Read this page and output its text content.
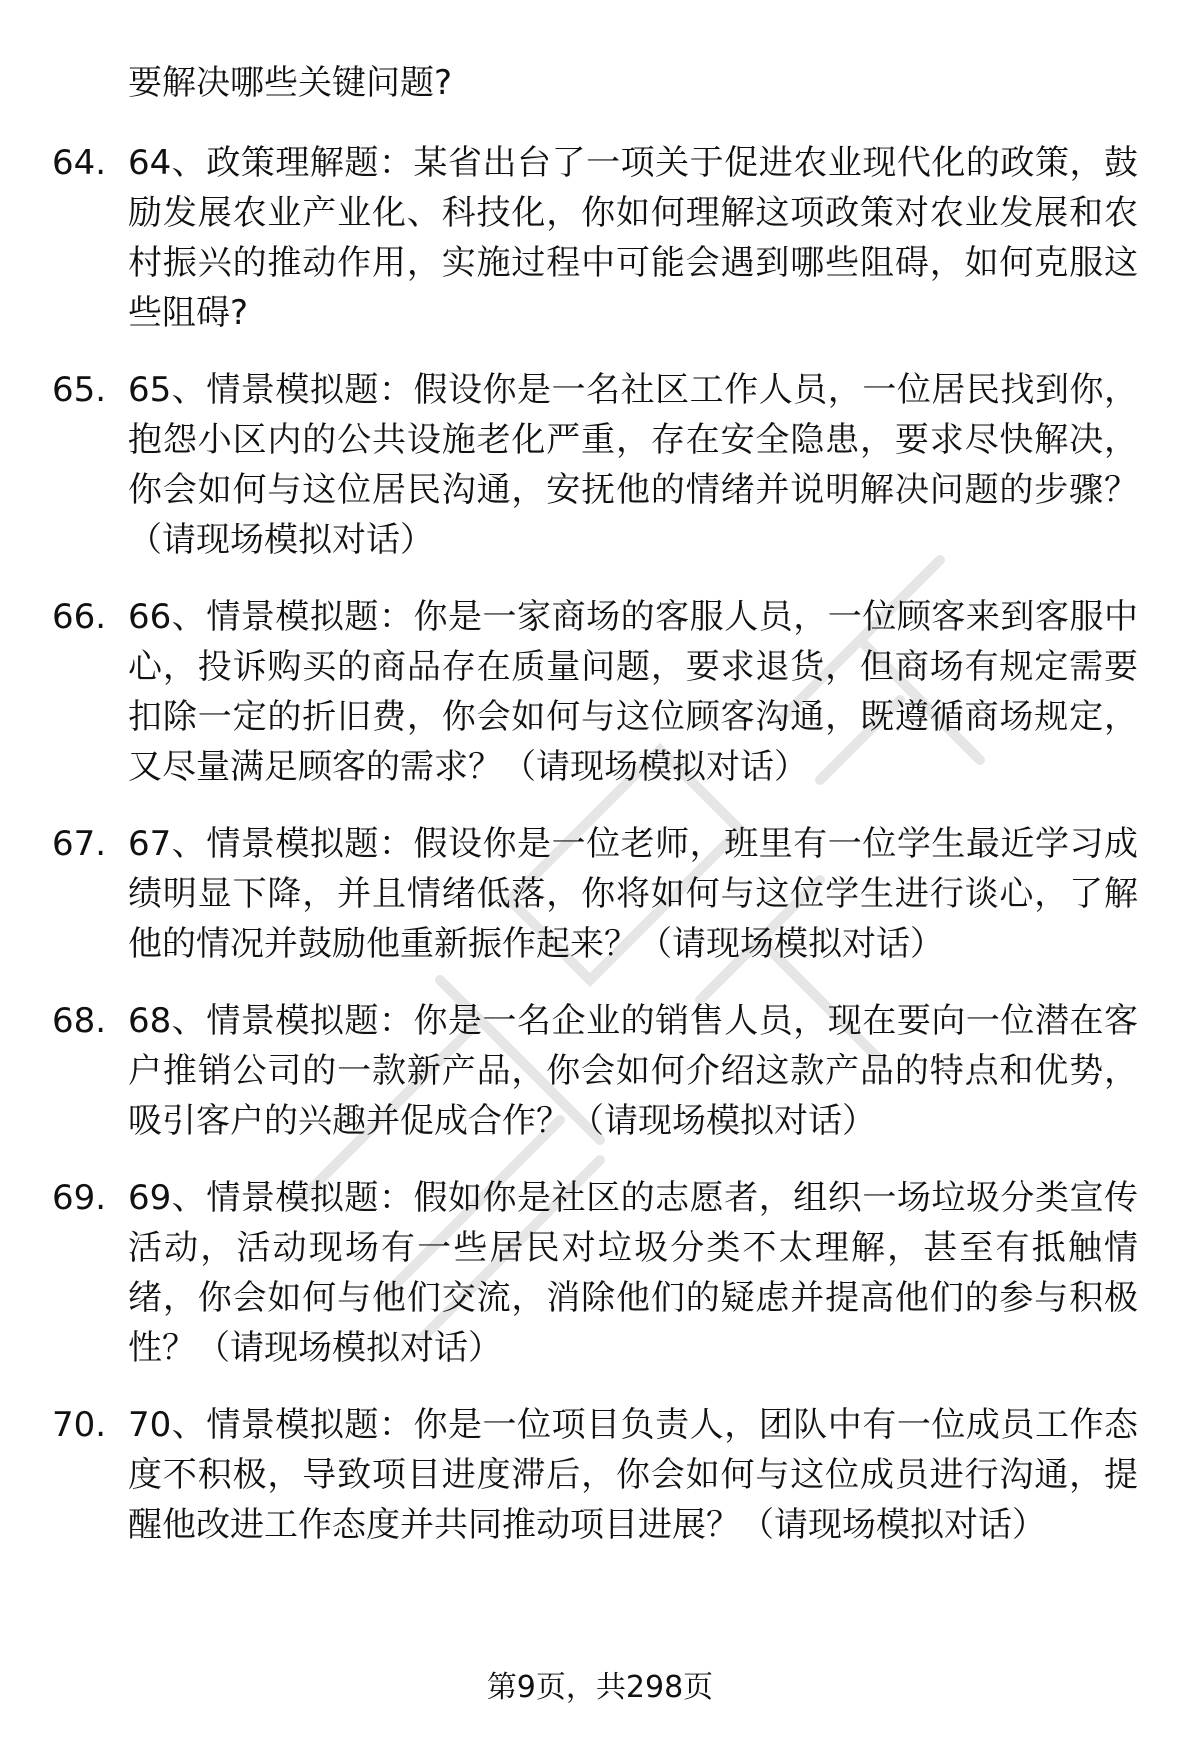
要解决哪些关键问题?

64. 64、政策理解题：某省出台了一项关于促进农业现代化的政策，鼓励发展农业产业化、科技化，你如何理解这项政策对农业发展和农村振兴的推动作用，实施过程中可能会遇到哪些阻碍，如何克服这些阻碍?
65. 65、情景模拟题：假设你是一名社区工作人员，一位居民找到你，抱怨小区内的公共设施老化严重，存在安全隐患，要求尽快解决，你会如何与这位居民沟通，安抚他的情绪并说明解决问题的步骤？（请现场模拟对话）
66. 66、情景模拟题：你是一家商场的客服人员，一位顾客来到客服中心，投诉购买的商品存在质量问题，要求退货，但商场有规定需要扣除一定的折旧费，你会如何与这位顾客沟通，既遵循商场规定，又尽量满足顾客的需求？（请现场模拟对话）
67. 67、情景模拟题：假设你是一位老师，班里有一位学生最近学习成绩明显下降，并且情绪低落，你将如何与这位学生进行谈心，了解他的情况并鼓励他重新振作起来？（请现场模拟对话）
68. 68、情景模拟题：你是一名企业的销售人员，现在要向一位潜在客户推销公司的一款新产品，你会如何介绍这款产品的特点和优势，吸引客户的兴趣并促成合作？（请现场模拟对话）
69. 69、情景模拟题：假如你是社区的志愿者，组织一场垃圾分类宣传活动，活动现场有一些居民对垃圾分类不太理解，甚至有抵触情绪，你会如何与他们交流，消除他们的疑虑并提高他们的参与积极性？（请现场模拟对话）
70. 70、情景模拟题：你是一位项目负责人，团队中有一位成员工作态度不积极，导致项目进度滞后，你会如何与这位成员进行沟通，提醒他改进工作态度并共同推动项目进展？（请现场模拟对话）
第9页，共298页
